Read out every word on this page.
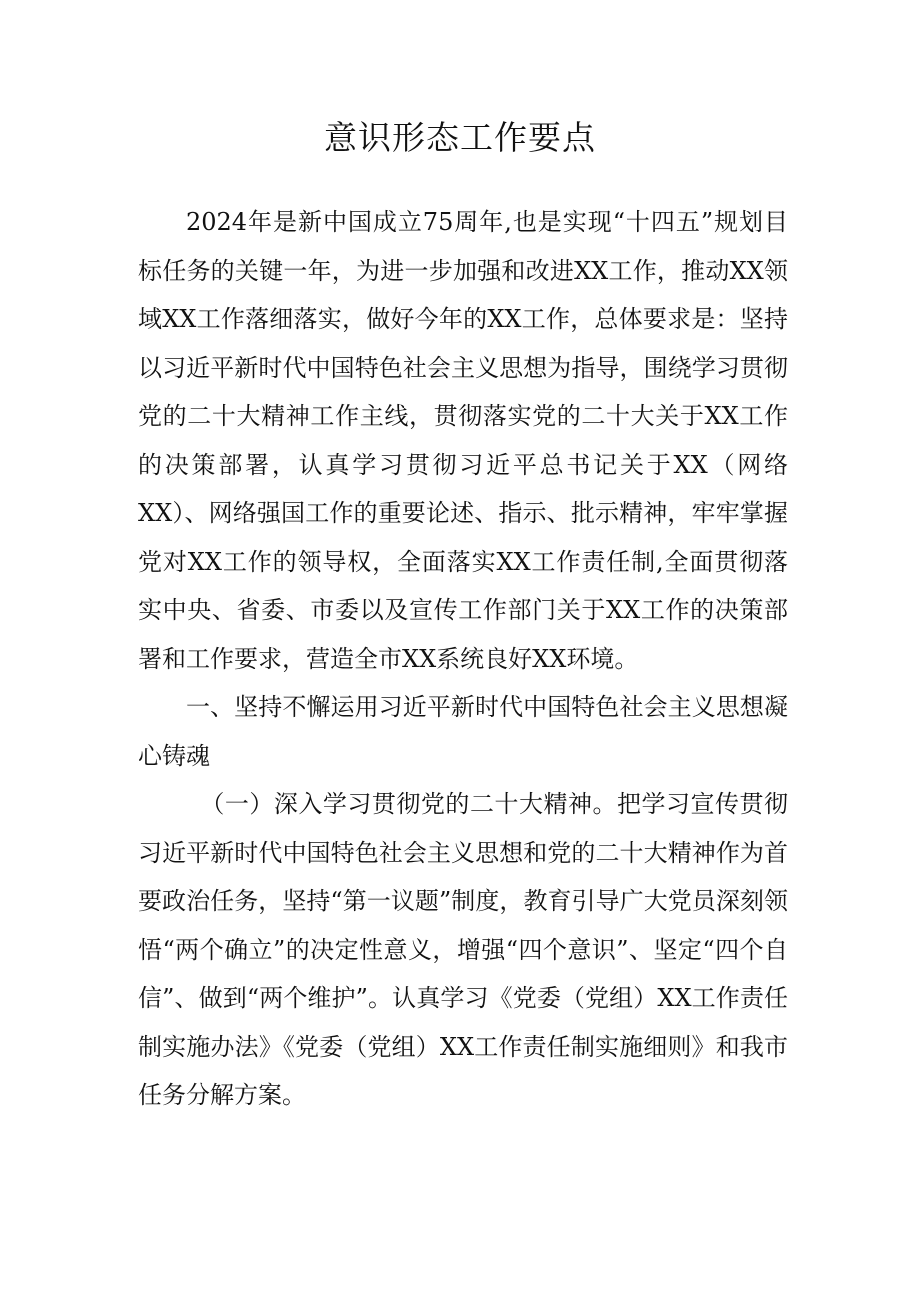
意识形态工作要点

2024年是新中国成立75周年,也是实现“十四五”规划目标任务的关键一年，为进一步加强和改进XX工作，推动XX领域XX工作落细落实，做好今年的XX工作，总体要求是：坚持以习近平新时代中国特色社会主义思想为指导，围绕学习贯彻党的二十大精神工作主线，贯彻落实党的二十大关于XX工作的决策部署，认真学习贯彻习近平总书记关于XX（网络XX）、网络强国工作的重要论述、指示、批示精神，牢牢掌握党对XX工作的领导权，全面落实XX工作责任制,全面贯彻落实中央、省委、市委以及宣传工作部门关于XX工作的决策部署和工作要求，营造全市XX系统良好XX环境。

一、坚持不懈运用习近平新时代中国特色社会主义思想凝心铸魂

（一）深入学习贯彻党的二十大精神。把学习宣传贯彻习近平新时代中国特色社会主义思想和党的二十大精神作为首要政治任务，坚持“第一议题”制度，教育引导广大党员深刻领悟“两个确立”的决定性意义，增强“四个意识”、坚定“四个自信”、做到“两个维护”。认真学习《党委（党组）XX工作责任制实施办法》《党委（党组）XX工作责任制实施细则》和我市任务分解方案。
